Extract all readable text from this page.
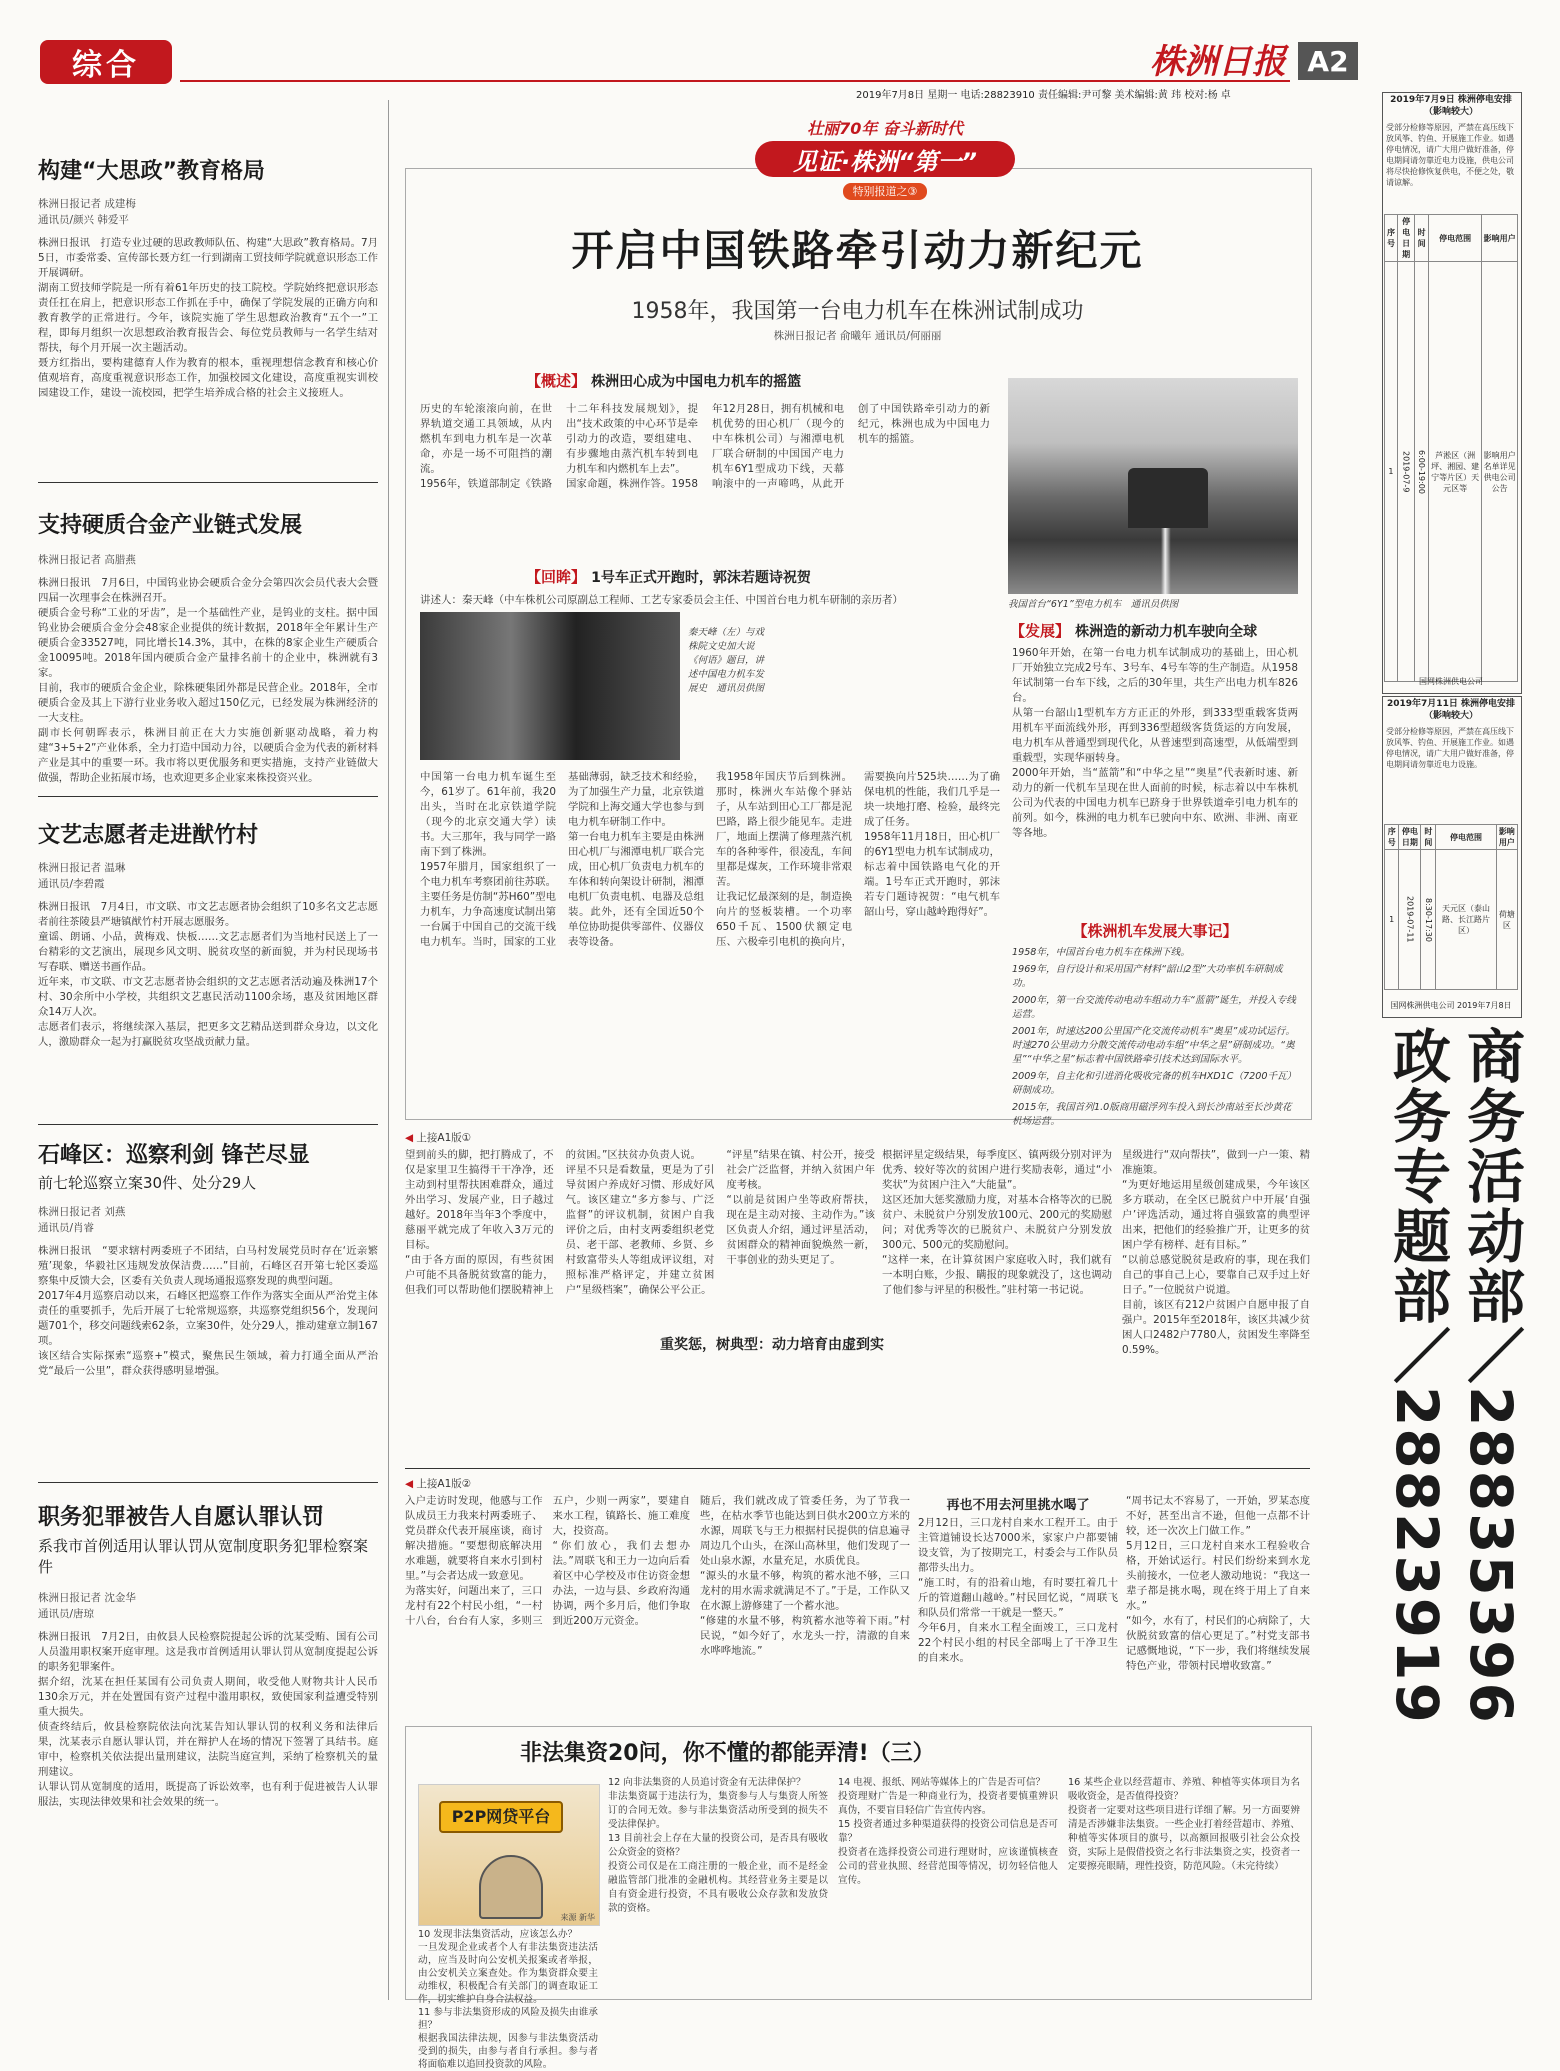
综合	株洲日报 A2
2019年7月8日 星期一 电话:28823910 责任编辑:尹可黎 美术编辑:黄 玮 校对:杨 卓
构建“大思政”教育格局
株洲日报记者 成建梅
通讯员/颜兴 韩爱平
株洲日报讯　打造专业过硬的思政教师队伍、构建“大思政”教育格局。7月5日，市委常委、宣传部长聂方红一行到湖南工贸技师学院就意识形态工作开展调研。
湖南工贸技师学院是一所有着61年历史的技工院校。学院始终把意识形态责任扛在肩上，把意识形态工作抓在手中，确保了学院发展的正确方向和教育教学的正常进行。今年，该院实施了学生思想政治教育“五个一”工程，即每月组织一次思想政治教育报告会、每位党员教师与一名学生结对帮扶，每个月开展一次主题活动。
聂方红指出，要构建德育人作为教育的根本，重视理想信念教育和核心价值观培育，高度重视意识形态工作，加强校园文化建设，高度重视实训校园建设工作，建设一流校园，把学生培养成合格的社会主义接班人。
支持硬质合金产业链式发展
株洲日报记者 高腊燕
株洲日报讯　7月6日，中国钨业协会硬质合金分会第四次会员代表大会暨四届一次理事会在株洲召开。
硬质合金号称“工业的牙齿”，是一个基础性产业，是钨业的支柱。据中国钨业协会硬质合金分会48家企业提供的统计数据，2018年全年累计生产硬质合金33527吨，同比增长14.3%，其中，在株的8家企业生产硬质合金10095吨。2018年国内硬质合金产量排名前十的企业中，株洲就有3家。
目前，我市的硬质合金企业，除株硬集团外都是民营企业。2018年，全市硬质合金及其上下游行业业务收入超过150亿元，已经发展为株洲经济的一大支柱。
副市长何朝晖表示，株洲目前正在大力实施创新驱动战略，着力构建“3+5+2”产业体系，全力打造中国动力谷，以硬质合金为代表的新材料产业是其中的重要一环。我市将以更优服务和更实措施，支持产业链做大做强，帮助企业拓展市场，也欢迎更多企业家来株投资兴业。
文艺志愿者走进猷竹村
株洲日报记者 温琳
通讯员/李碧霞
株洲日报讯　7月4日，市文联、市文艺志愿者协会组织了10多名文艺志愿者前往茶陵县严塘镇猷竹村开展志愿服务。
童谣、朗诵、小品，黄梅戏、快板……文艺志愿者们为当地村民送上了一台精彩的文艺演出，展现乡风文明、脱贫攻坚的新面貌，并为村民现场书写春联、赠送书画作品。
近年来，市文联、市文艺志愿者协会组织的文艺志愿者活动遍及株洲17个村、30余所中小学校，共组织文艺惠民活动1100余场，惠及贫困地区群众14万人次。
志愿者们表示，将继续深入基层，把更多文艺精品送到群众身边，以文化人，激励群众一起为打赢脱贫攻坚战贡献力量。
石峰区：巡察利剑 锋芒尽显
前七轮巡察立案30件、处分29人
株洲日报记者 刘燕
通讯员/肖睿
株洲日报讯　“要求辖村两委班子不团结，白马村发展党员时存在‘近亲繁殖’现象，华毅社区违规发放保洁费……”目前，石峰区召开第七轮区委巡察集中反馈大会，区委有关负责人现场通报巡察发现的典型问题。
2017年4月巡察启动以来，石峰区把巡察工作作为落实全面从严治党主体责任的重要抓手，先后开展了七轮常规巡察，共巡察党组织56个，发现问题701个，移交问题线索62条，立案30件，处分29人，推动建章立制167项。
该区结合实际探索“巡察+”模式，聚焦民生领域，着力打通全面从严治党“最后一公里”，群众获得感明显增强。
职务犯罪被告人自愿认罪认罚
系我市首例适用认罪认罚从宽制度职务犯罪检察案件
株洲日报记者 沈金华
通讯员/唐琼
株洲日报讯　7月2日，由攸县人民检察院提起公诉的沈某受贿、国有公司人员滥用职权案开庭审理。这是我市首例适用认罪认罚从宽制度提起公诉的职务犯罪案件。
据介绍，沈某在担任某国有公司负责人期间，收受他人财物共计人民币130余万元，并在处置国有资产过程中滥用职权，致使国家利益遭受特别重大损失。
侦查终结后，攸县检察院依法向沈某告知认罪认罚的权利义务和法律后果，沈某表示自愿认罪认罚，并在辩护人在场的情况下签署了具结书。庭审中，检察机关依法提出量刑建议，法院当庭宣判，采纳了检察机关的量刑建议。
认罪认罚从宽制度的适用，既提高了诉讼效率，也有利于促进被告人认罪服法，实现法律效果和社会效果的统一。
壮丽70年 奋斗新时代
见证·株洲“第一”
特别报道之③
开启中国铁路牵引动力新纪元
1958年，我国第一台电力机车在株洲试制成功
株洲日报记者 俞曦年 通讯员/何丽丽
【概述】 株洲田心成为中国电力机车的摇篮
历史的车轮滚滚向前，在世界轨道交通工具领域，从内燃机车到电力机车是一次革命，亦是一场不可阻挡的潮流。
1956年，铁道部制定《铁路十二年科技发展规划》，提出“技术政策的中心环节是牵引动力的改造，要组建电、有步骤地由蒸汽机车转到电力机车和内燃机车上去”。
国家命题，株洲作答。1958年12月28日，拥有机械和电机优势的田心机厂（现今的中车株机公司）与湘潭电机厂联合研制的中国国产电力机车6Y1型成功下线，天幕响滚中的一声啼鸣，从此开创了中国铁路牵引动力的新纪元，株洲也成为中国电力机车的摇篮。
我国首台“6Y1”型电力机车　通讯员供图
【回眸】 1号车正式开跑时，郭沫若题诗祝贺
讲述人：秦天峰（中车株机公司原副总工程师、工艺专家委员会主任、中国首台电力机车研制的亲历者）
秦天峰（左）与戏株院文史加大说《何语》题目，讲述中国电力机车发展史　通讯员供图
中国第一台电力机车诞生至今，61岁了。61年前，我20出头，当时在北京铁道学院（现今的北京交通大学）读书。大三那年，我与同学一路南下到了株洲。
1957年腊月，国家组织了一个电力机车考察团前往苏联。主要任务是仿制“苏H60”型电力机车，力争高速度试制出第一台属于中国自己的交流干线电力机车。当时，国家的工业基础薄弱，缺乏技术和经验，为了加强生产力量，北京铁道学院和上海交通大学也参与到电力机车研制工作中。
第一台电力机车主要是由株洲田心机厂与湘潭电机厂联合完成，田心机厂负责电力机车的车体和转向架设计研制，湘潭电机厂负责电机、电器及总组装。此外，还有全国近50个单位协助提供零部件、仪器仪表等设备。
我1958年国庆节后到株洲。那时，株洲火车站像个驿站子，从车站到田心工厂都是泥巴路，路上很少能见车。走进厂，地面上摆满了修理蒸汽机车的各种零件，很凌乱，车间里都是煤灰，工作环境非常艰苦。
让我记忆最深刻的是，制造换向片的竖板装槽。一个功率650千瓦、1500伏额定电压、六极牵引电机的换向片，需要换向片525块……为了确保电机的性能，我们几乎是一块一块地打磨、检验，最终完成了任务。
1958年11月18日，田心机厂的6Y1型电力机车试制成功，标志着中国铁路电气化的开端。1号车正式开跑时，郭沫若专门题诗祝贺：“电气机车韶山号，穿山越岭跑得好”。
【发展】 株洲造的新动力机车驶向全球
1960年开始，在第一台电力机车试制成功的基础上，田心机厂开始独立完成2号车、3号车、4号车等的生产制造。从1958年试制第一台车下线，之后的30年里，共生产出电力机车826台。
从第一台韶山1型机车方方正正的外形，到333型重载客货两用机车平面流线外形，再到336型超级客货货运的方向发展，电力机车从普通型到现代化，从普速型到高速型，从低端型到重载型，实现华丽转身。
2000年开始，当“蓝箭”和“中华之星”“奥星”代表新时速、新动力的新一代机车呈现在世人面前的时候，标志着以中车株机公司为代表的中国电力机车已跻身于世界铁道牵引电力机车的前列。如今，株洲的电力机车已驶向中东、欧洲、非洲、南亚等各地。
【株洲机车发展大事记】
1958年，中国首台电力机车在株洲下线。
1969年，自行设计和采用国产材料“韶山2型”大功率机车研制成功。
2000年，第一台交流传动电动车组动力车“蓝箭”诞生，并投入专线运营。
2001年，时速达200公里国产化交流传动机车“奥星”成功试运行。时速270公里动力分散交流传动电动车组“中华之星”研制成功。“奥星”“中华之星”标志着中国铁路牵引技术达到国际水平。
2009年，自主化和引进消化吸收完备的机车HXD1C（7200千瓦）研制成功。
2015年，我国首列1.0版商用磁浮列车投入到长沙南站至长沙黄花机场运营。
◀ 上接A1版①
望到前头的脚，把打腾成了，不仅是家里卫生搞得干干净净，还主动到村里帮扶困难群众，通过外出学习、发展产业，日子越过越好。2018年当年3个季度中，慈丽平就完成了年收入3万元的目标。
“由于各方面的原因，有些贫困户可能不具备脱贫致富的能力，但我们可以帮助他们摆脱精神上的贫困。”区扶贫办负责人说。
评星不只是看数量，更是为了引导贫困户养成好习惯、形成好风气。该区建立“多方参与、广泛监督”的评议机制，贫困户自我评价之后，由村支两委组织老党员、老干部、老教师、乡贤、乡村致富带头人等组成评议组，对照标准严格评定，并建立贫困户“星级档案”，确保公平公正。
“评星”结果在镇、村公开，接受社会广泛监督，并纳入贫困户年度考核。
“以前是贫困户坐等政府帮扶，现在是主动对接、主动作为。”该区负责人介绍，通过评星活动，贫困群众的精神面貌焕然一新，干事创业的劲头更足了。
重奖惩，树典型：动力培育由虚到实
根据评星定级结果，每季度区、镇两级分别对评为优秀、较好等次的贫困户进行奖励表彰，通过“小奖状”为贫困户注入“大能量”。
这区还加大惩奖激励力度，对基本合格等次的已脱贫户、未脱贫户分别发放100元、200元的奖励慰问；对优秀等次的已脱贫户、未脱贫户分别发放300元、500元的奖励慰问。
“这样一来，在计算贫困户家庭收入时，我们就有一本明白账，少报、瞒报的现象就没了，这也调动了他们参与评星的积极性。”驻村第一书记说。
星级进行“双向帮扶”，做到一户一策、精准施策。
“为更好地运用星级创建成果，今年该区多方联动，在全区已脱贫户中开展‘自强户’评选活动，通过将自强致富的典型评出来，把他们的经验推广开，让更多的贫困户学有榜样、赶有目标。”
“以前总感觉脱贫是政府的事，现在我们自己的事自己上心，要靠自己双手过上好日子。”一位脱贫户说道。
目前，该区有212户贫困户自愿申报了自强户。2015年至2018年，该区共减少贫困人口2482户7780人，贫困发生率降至0.59%。
◀ 上接A1版②
入户走访时发现，他感与工作队成员王力我来村两委班子、党员群众代表开展座谈，商讨解决措施。“要想彻底解决用水难题，就要将自来水引到村里。”与会者达成一致意见。
为落实好，问题出来了，三口龙村有22个村民小组，“一村十八台，台台有人家，多则三五户，少则一两家”，要建自来水工程，镇路长、施工难度大，投资高。
“你们放心，我们去想办法。”周联飞和王力一边向后看着区中心学校及市住访资金想办法，一边与县、乡政府沟通协调，两个多月后，他们争取到近200万元资金。
随后，我们就改成了管委任务，为了节我一些，在枯水季节也能达到日供水200立方米的水源，周联飞与王力根据村民提供的信息遍寻周边几个山头，在深山高林里，他们发现了一处山泉水源，水量充足，水质优良。
“源头的水量不够，构筑的蓄水池不够，三口龙村的用水需求就满足不了。”于是，工作队又在水源上游修建了一个蓄水池。
“修建的水量不够，构筑蓄水池等着下雨。”村民说，“如今好了，水龙头一拧，清澈的自来水哗哗地流。”
再也不用去河里挑水喝了
2月12日，三口龙村自来水工程开工。由于主管道铺设长达7000米，家家户户都要铺设支管，为了按期完工，村委会与工作队员都带头出力。
“施工时，有的沿着山地，有时要扛着几十斤的管道翻山越岭。”村民回忆说，“周联飞和队员们常常一干就是一整天。”
今年6月，自来水工程全面竣工，三口龙村22个村民小组的村民全部喝上了干净卫生的自来水。
“周书记太不容易了，一开始，罗某态度不好，甚至出言不逊，但他一点都不计较，还一次次上门做工作。”
5月12日，三口龙村自来水工程验收合格，开始试运行。村民们纷纷来到水龙头前接水，一位老人激动地说：“我这一辈子都是挑水喝，现在终于用上了自来水。”
“如今，水有了，村民们的心病除了，大伙脱贫致富的信心更足了。”村党支部书记感慨地说，“下一步，我们将继续发展特色产业，带领村民增收致富。”
非法集资20问，你不懂的都能弄清!（三）
P2P网贷平台
来源 新华
10 发现非法集资活动，应该怎么办？
一旦发现企业或者个人有非法集资违法活动，应当及时向公安机关报案或者举报，由公安机关立案查处。作为集资群众要主动维权，积极配合有关部门的调查取证工作，切实维护自身合法权益。
11 参与非法集资形成的风险及损失由谁承担？
根据我国法律法规，因参与非法集资活动受到的损失，由参与者自行承担。参与者将面临难以追回投资款的风险。
12 向非法集资的人员追讨资金有无法律保护？
非法集资属于违法行为，集资参与人与集资人所签订的合同无效。参与非法集资活动所受到的损失不受法律保护。
13 目前社会上存在大量的投资公司，是否具有吸收公众资金的资格？
投资公司仅是在工商注册的一般企业，而不是经金融监管部门批准的金融机构。其经营业务主要是以自有资金进行投资，不具有吸收公众存款和发放贷款的资格。
14 电视、报纸、网站等媒体上的广告是否可信？
投资理财广告是一种商业行为，投资者要慎重辨识真伪，不要盲目轻信广告宣传内容。
15 投资者通过多种渠道获得的投资公司信息是否可靠？
投资者在选择投资公司进行理财时，应该谨慎核查公司的营业执照、经营范围等情况，切勿轻信他人宣传。
16 某些企业以经营超市、养殖、种植等实体项目为名吸收资金，是否值得投资？
投资者一定要对这些项目进行详细了解。另一方面要辨清是否涉嫌非法集资。一些企业打着经营超市、养殖、种植等实体项目的旗号，以高额回报吸引社会公众投资，实际上是假借投资之名行非法集资之实，投资者一定要擦亮眼睛，理性投资，防范风险。（未完待续）
2019年7月9日 株洲停电安排（影响较大）
受部分检修等原因，严禁在高压线下放风筝、钓鱼、开展施工作业。如遇停电情况，请广大用户做好准备，停电期间请勿靠近电力设施，供电公司将尽快抢修恢复供电，不便之处，敬请谅解。
序号	停电日期	时间	停电范围	影响用户
1	2019-07-9	6:00-19:00	芦淞区（洲坪、湘园、建宁等片区）天元区等	影响用户名单详见供电公司公告
国网株洲供电公司
2019年7月11日 株洲停电安排（影响较大）
受部分检修等原因，严禁在高压线下放风筝、钓鱼、开展施工作业。如遇停电情况，请广大用户做好准备，停电期间请勿靠近电力设施。
序号	停电日期	时间	停电范围	影响用户
1	2019-07-11	8:30-17:30	天元区（泰山路、长江路片区）	荷塘区
国网株洲供电公司 2019年7月8日
商务活动部／28835396
政务专题部／28823919
